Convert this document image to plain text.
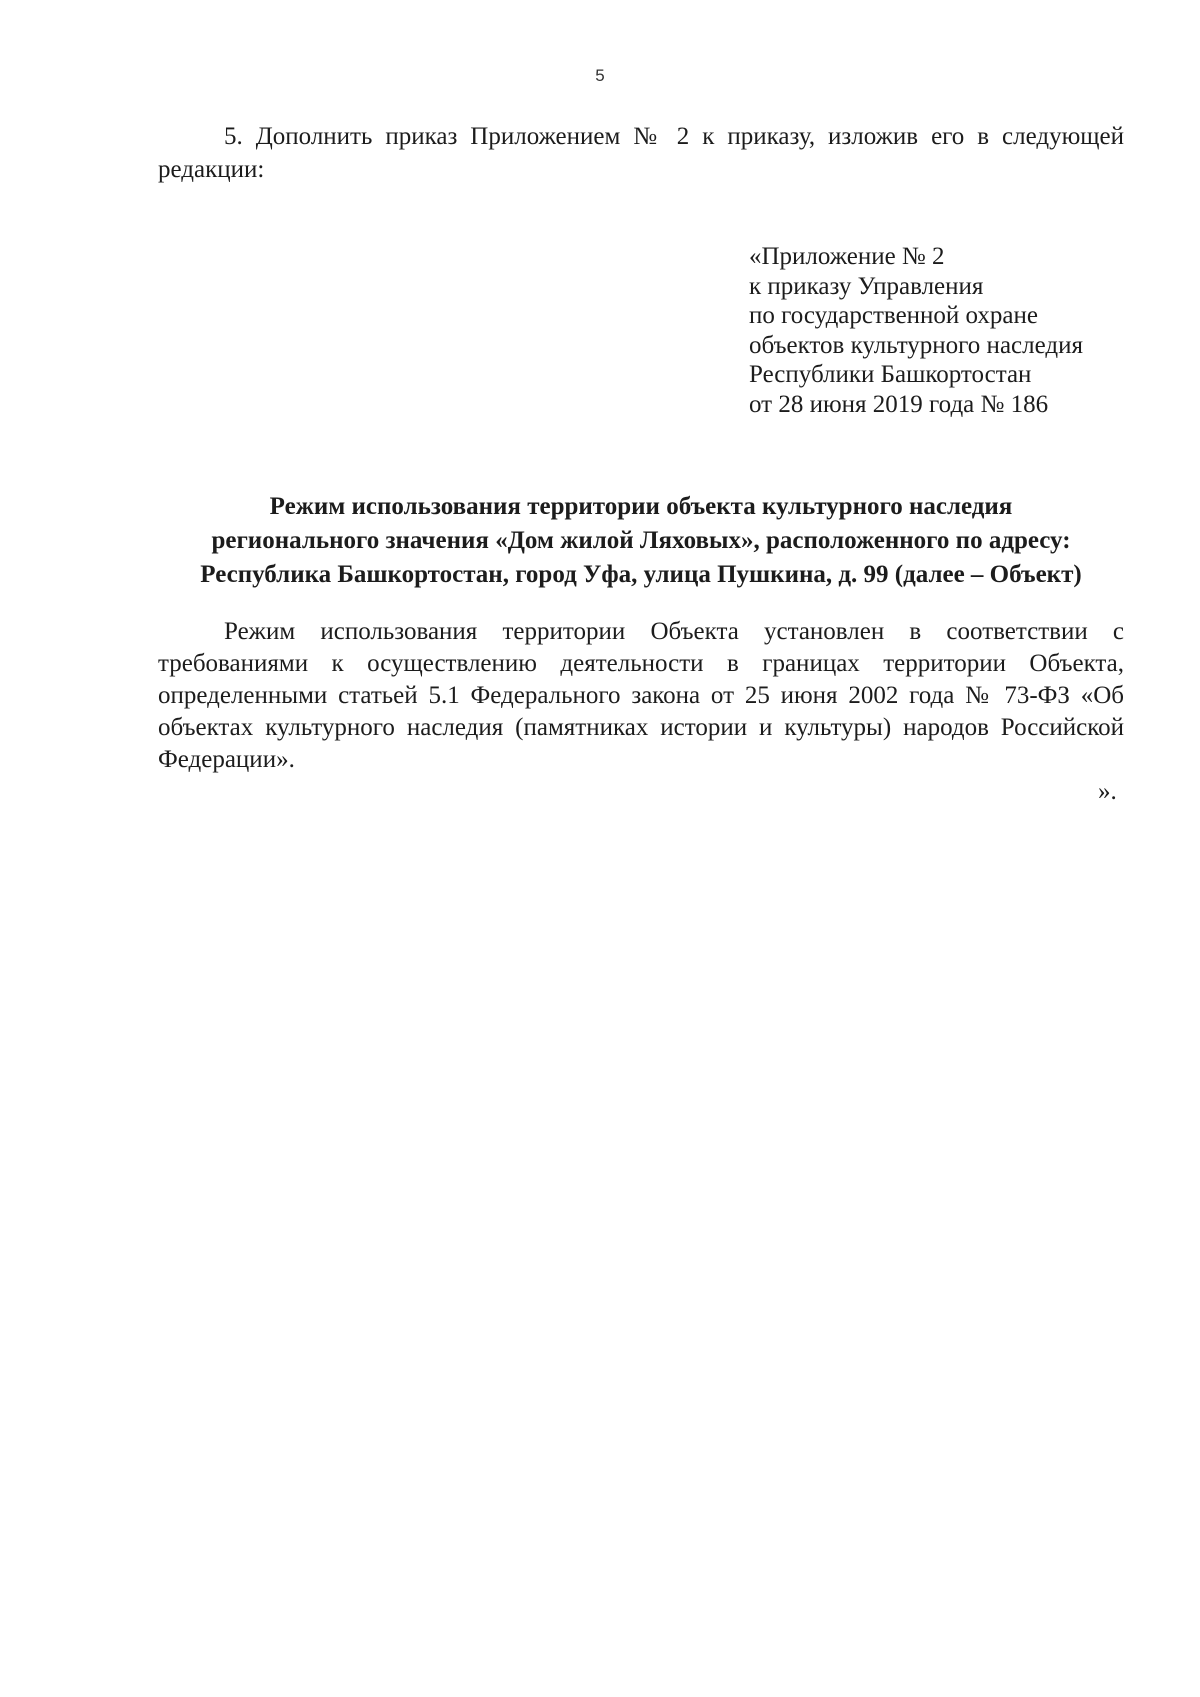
5

5. Дополнить приказ Приложением № 2 к приказу, изложив его в следующей редакции:

«Приложение № 2
к приказу Управления
по государственной охране
объектов культурного наследия
Республики Башкортостан
от 28 июня 2019 года № 186
Режим использования территории объекта культурного наследия
регионального значения «Дом жилой Ляховых», расположенного по адресу:
Республика Башкортостан, город Уфа, улица Пушкина, д. 99 (далее – Объект)

Режим использования территории Объекта установлен в соответствии с требованиями к осуществлению деятельности в границах территории Объекта, определенными статьей 5.1 Федерального закона от 25 июня 2002 года № 73-ФЗ «Об объектах культурного наследия (памятниках истории и культуры) народов Российской Федерации».

».
